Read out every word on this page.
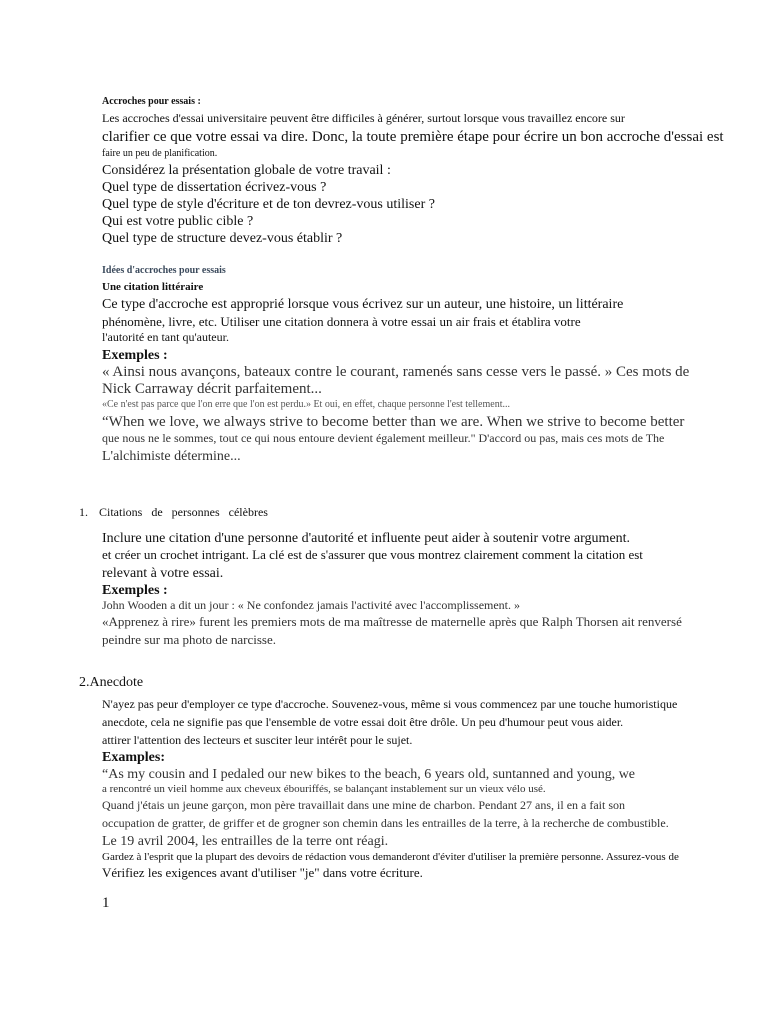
Accroches pour essais :

Les accroches d'essai universitaire peuvent être difficiles à générer, surtout lorsque vous travaillez encore sur

clarifier ce que votre essai va dire. Donc, la toute première étape pour écrire un bon accroche d'essai est

faire un peu de planification.

Considérez la présentation globale de votre travail :

Quel type de dissertation écrivez-vous ?

Quel type de style d'écriture et de ton devrez-vous utiliser ?

Qui est votre public cible ?

Quel type de structure devez-vous établir ?

Idées d'accroches pour essais

Une citation littéraire

Ce type d'accroche est approprié lorsque vous écrivez sur un auteur, une histoire, un littéraire

phénomène, livre, etc. Utiliser une citation donnera à votre essai un air frais et établira votre

l'autorité en tant qu'auteur.

Exemples :

« Ainsi nous avançons, bateaux contre le courant, ramenés sans cesse vers le passé. » Ces mots de

Nick Carraway décrit parfaitement...

«Ce n'est pas parce que l'on erre que l'on est perdu.» Et oui, en effet, chaque personne l'est tellement...

“When we love, we always strive to become better than we are. When we strive to become better

que nous ne le sommes, tout ce qui nous entoure devient également meilleur." D'accord ou pas, mais ces mots de The

L'alchimiste détermine...

1. Citations   de   personnes   célèbres

Inclure une citation d'une personne d'autorité et influente peut aider à soutenir votre argument.

et créer un crochet intrigant. La clé est de s'assurer que vous montrez clairement comment la citation est

relevant à votre essai.

Exemples :

John Wooden a dit un jour : « Ne confondez jamais l'activité avec l'accomplissement. »

«Apprenez à rire» furent les premiers mots de ma maîtresse de maternelle après que Ralph Thorsen ait renversé

peindre sur ma photo de narcisse.

2.Anecdote

N'ayez pas peur d'employer ce type d'accroche. Souvenez-vous, même si vous commencez par une touche humoristique

anecdote, cela ne signifie pas que l'ensemble de votre essai doit être drôle. Un peu d'humour peut vous aider.

attirer l'attention des lecteurs et susciter leur intérêt pour le sujet.

Examples:

“As my cousin and I pedaled our new bikes to the beach, 6 years old, suntanned and young, we

a rencontré un vieil homme aux cheveux ébouriffés, se balançant instablement sur un vieux vélo usé.

Quand j'étais un jeune garçon, mon père travaillait dans une mine de charbon. Pendant 27 ans, il en a fait son

occupation de gratter, de griffer et de grogner son chemin dans les entrailles de la terre, à la recherche de combustible.

Le 19 avril 2004, les entrailles de la terre ont réagi.

Gardez à l'esprit que la plupart des devoirs de rédaction vous demanderont d'éviter d'utiliser la première personne. Assurez-vous de

Vérifiez les exigences avant d'utiliser "je" dans votre écriture.

1
